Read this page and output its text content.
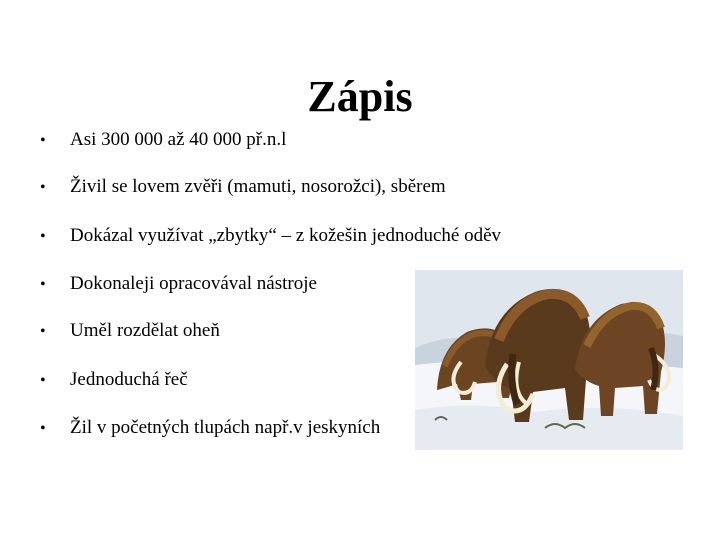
Zápis
• Asi 300 000 až 40 000 př.n.l
• Živil se lovem zvěři (mamuti, nosorožci), sběrem
• Dokázal využívat „zbytky“ – z kožešin jednoduché oděv
• Dokonaleji opracovával nástroje
• Uměl rozdělat oheň
• Jednoduchá řeč
• Žil v početných tlupách např.v jeskyních
